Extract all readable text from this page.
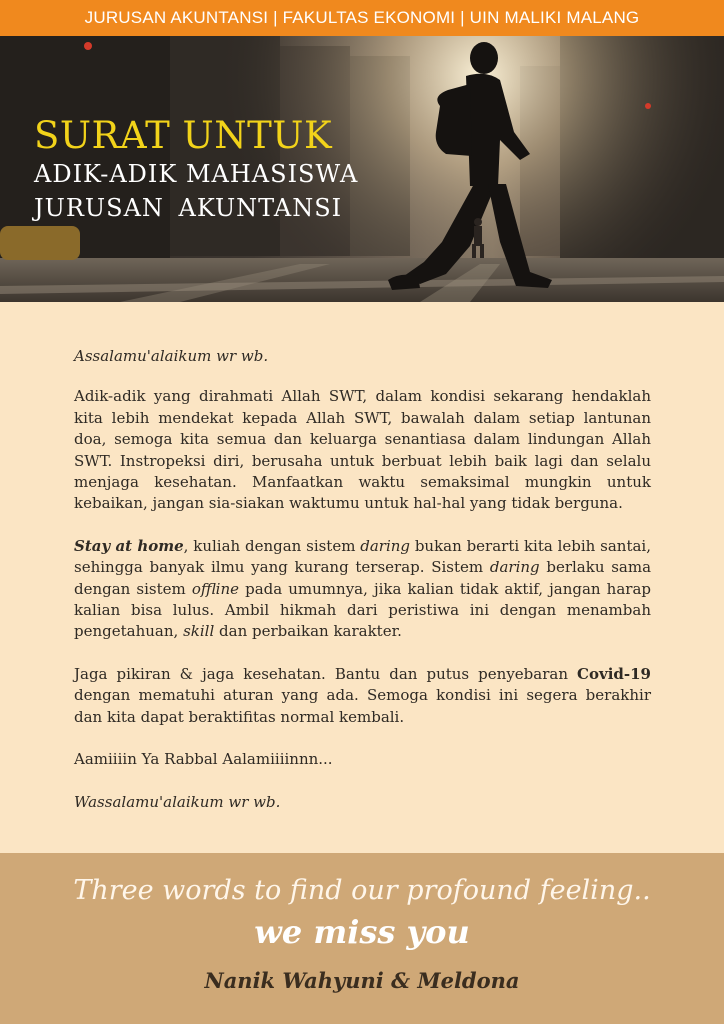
JURUSAN AKUNTANSI | FAKULTAS EKONOMI | UIN MALIKI MALANG
SURAT UNTUK
ADIK-ADIK MAHASISWA
JURUSAN AKUNTANSI

Assalamu'alaikum wr wb.

Adik-adik yang dirahmati Allah SWT, dalam kondisi sekarang hendaklah kita lebih mendekat kepada Allah SWT, bawalah dalam setiap lantunan doa, semoga kita semua dan keluarga senantiasa dalam lindungan Allah SWT. Instropeksi diri, berusaha untuk berbuat lebih baik lagi dan selalu menjaga kesehatan. Manfaatkan waktu semaksimal mungkin untuk kebaikan, jangan sia-siakan waktumu untuk hal-hal yang tidak berguna.

Stay at home, kuliah dengan sistem daring bukan berarti kita lebih santai, sehingga banyak ilmu yang kurang terserap. Sistem daring berlaku sama dengan sistem offline pada umumnya, jika kalian tidak aktif, jangan harap kalian bisa lulus. Ambil hikmah dari peristiwa ini dengan menambah pengetahuan, skill dan perbaikan karakter.

Jaga pikiran & jaga kesehatan. Bantu dan putus penyebaran Covid-19 dengan mematuhi aturan yang ada. Semoga kondisi ini segera berakhir dan kita dapat beraktifitas normal kembali.

Aamiiiin Ya Rabbal Aalamiiiinnn...

Wassalamu'alaikum wr wb.

Three words to find our profound feeling..
we miss you
Nanik Wahyuni & Meldona
